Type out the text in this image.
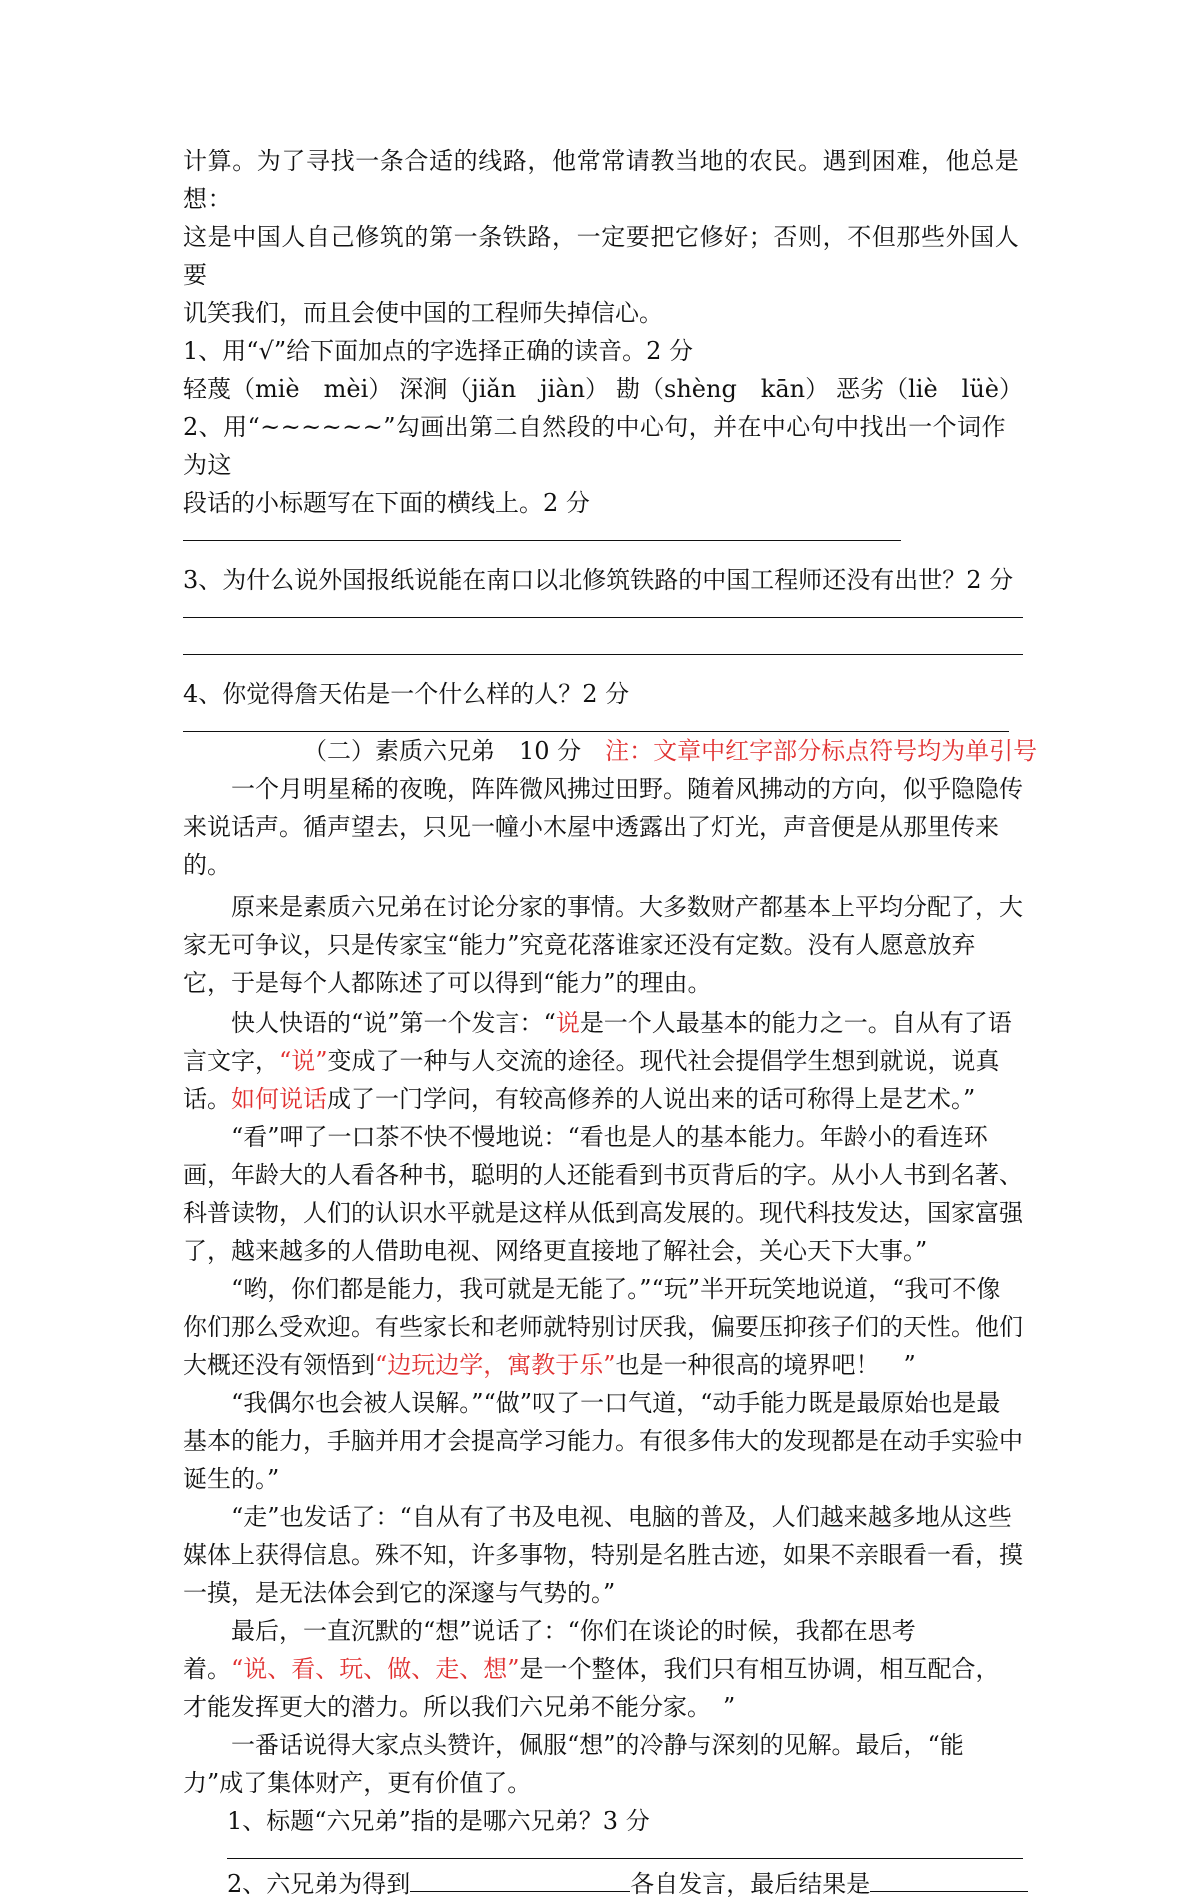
计算。为了寻找一条合适的线路，他常常请教当地的农民。遇到困难，他总是想：

这是中国人自己修筑的第一条铁路，一定要把它修好；否则，不但那些外国人要

讥笑我们，而且会使中国的工程师失掉信心。

1、用“√”给下面加点的字选择正确的读音。2 分

轻蔑（miè　mèi） 深涧（jiǎn　jiàn） 勘（shèng　kān） 恶劣（liè　lüè）

2、用“~~~~~~”勾画出第二自然段的中心句，并在中心句中找出一个词作为这

段话的小标题写在下面的横线上。2 分

3、为什么说外国报纸说能在南口以北修筑铁路的中国工程师还没有出世？2 分

4、你觉得詹天佑是一个什么样的人？2 分

（二）素质六兄弟　10 分 注：文章中红字部分标点符号均为单引号

一个月明星稀的夜晚，阵阵微风拂过田野。随着风拂动的方向，似乎隐隐传来说话声。循声望去，只见一幢小木屋中透露出了灯光，声音便是从那里传来的。

原来是素质六兄弟在讨论分家的事情。大多数财产都基本上平均分配了，大家无可争议，只是传家宝“能力”究竟花落谁家还没有定数。没有人愿意放弃它，于是每个人都陈述了可以得到“能力”的理由。

快人快语的“说”第一个发言：“说是一个人最基本的能力之一。自从有了语言文字，“说”变成了一种与人交流的途径。现代社会提倡学生想到就说，说真话。如何说话成了一门学问，有较高修养的人说出来的话可称得上是艺术。”

“看”呷了一口茶不快不慢地说：“看也是人的基本能力。年龄小的看连环画，年龄大的人看各种书，聪明的人还能看到书页背后的字。从小人书到名著、科普读物，人们的认识水平就是这样从低到高发展的。现代科技发达，国家富强了，越来越多的人借助电视、网络更直接地了解社会，关心天下大事。”

“哟，你们都是能力，我可就是无能了。”“玩”半开玩笑地说道，“我可不像你们那么受欢迎。有些家长和老师就特别讨厌我，偏要压抑孩子们的天性。他们大概还没有领悟到“边玩边学，寓教于乐”也是一种很高的境界吧！　”

“我偶尔也会被人误解。”“做”叹了一口气道，“动手能力既是最原始也是最基本的能力，手脑并用才会提高学习能力。有很多伟大的发现都是在动手实验中诞生的。”

“走”也发话了：“自从有了书及电视、电脑的普及，人们越来越多地从这些媒体上获得信息。殊不知，许多事物，特别是名胜古迹，如果不亲眼看一看，摸一摸，是无法体会到它的深邃与气势的。”

最后，一直沉默的“想”说话了：“你们在谈论的时候，我都在思考着。“说、看、玩、做、走、想”是一个整体，我们只有相互协调，相互配合，才能发挥更大的潜力。所以我们六兄弟不能分家。　”

一番话说得大家点头赞许，佩服“想”的冷静与深刻的见解。最后，“能力”成了集体财产，更有价值了。

1、标题“六兄弟”指的是哪六兄弟？3 分

2、六兄弟为得到	各自发言，最后结果是
